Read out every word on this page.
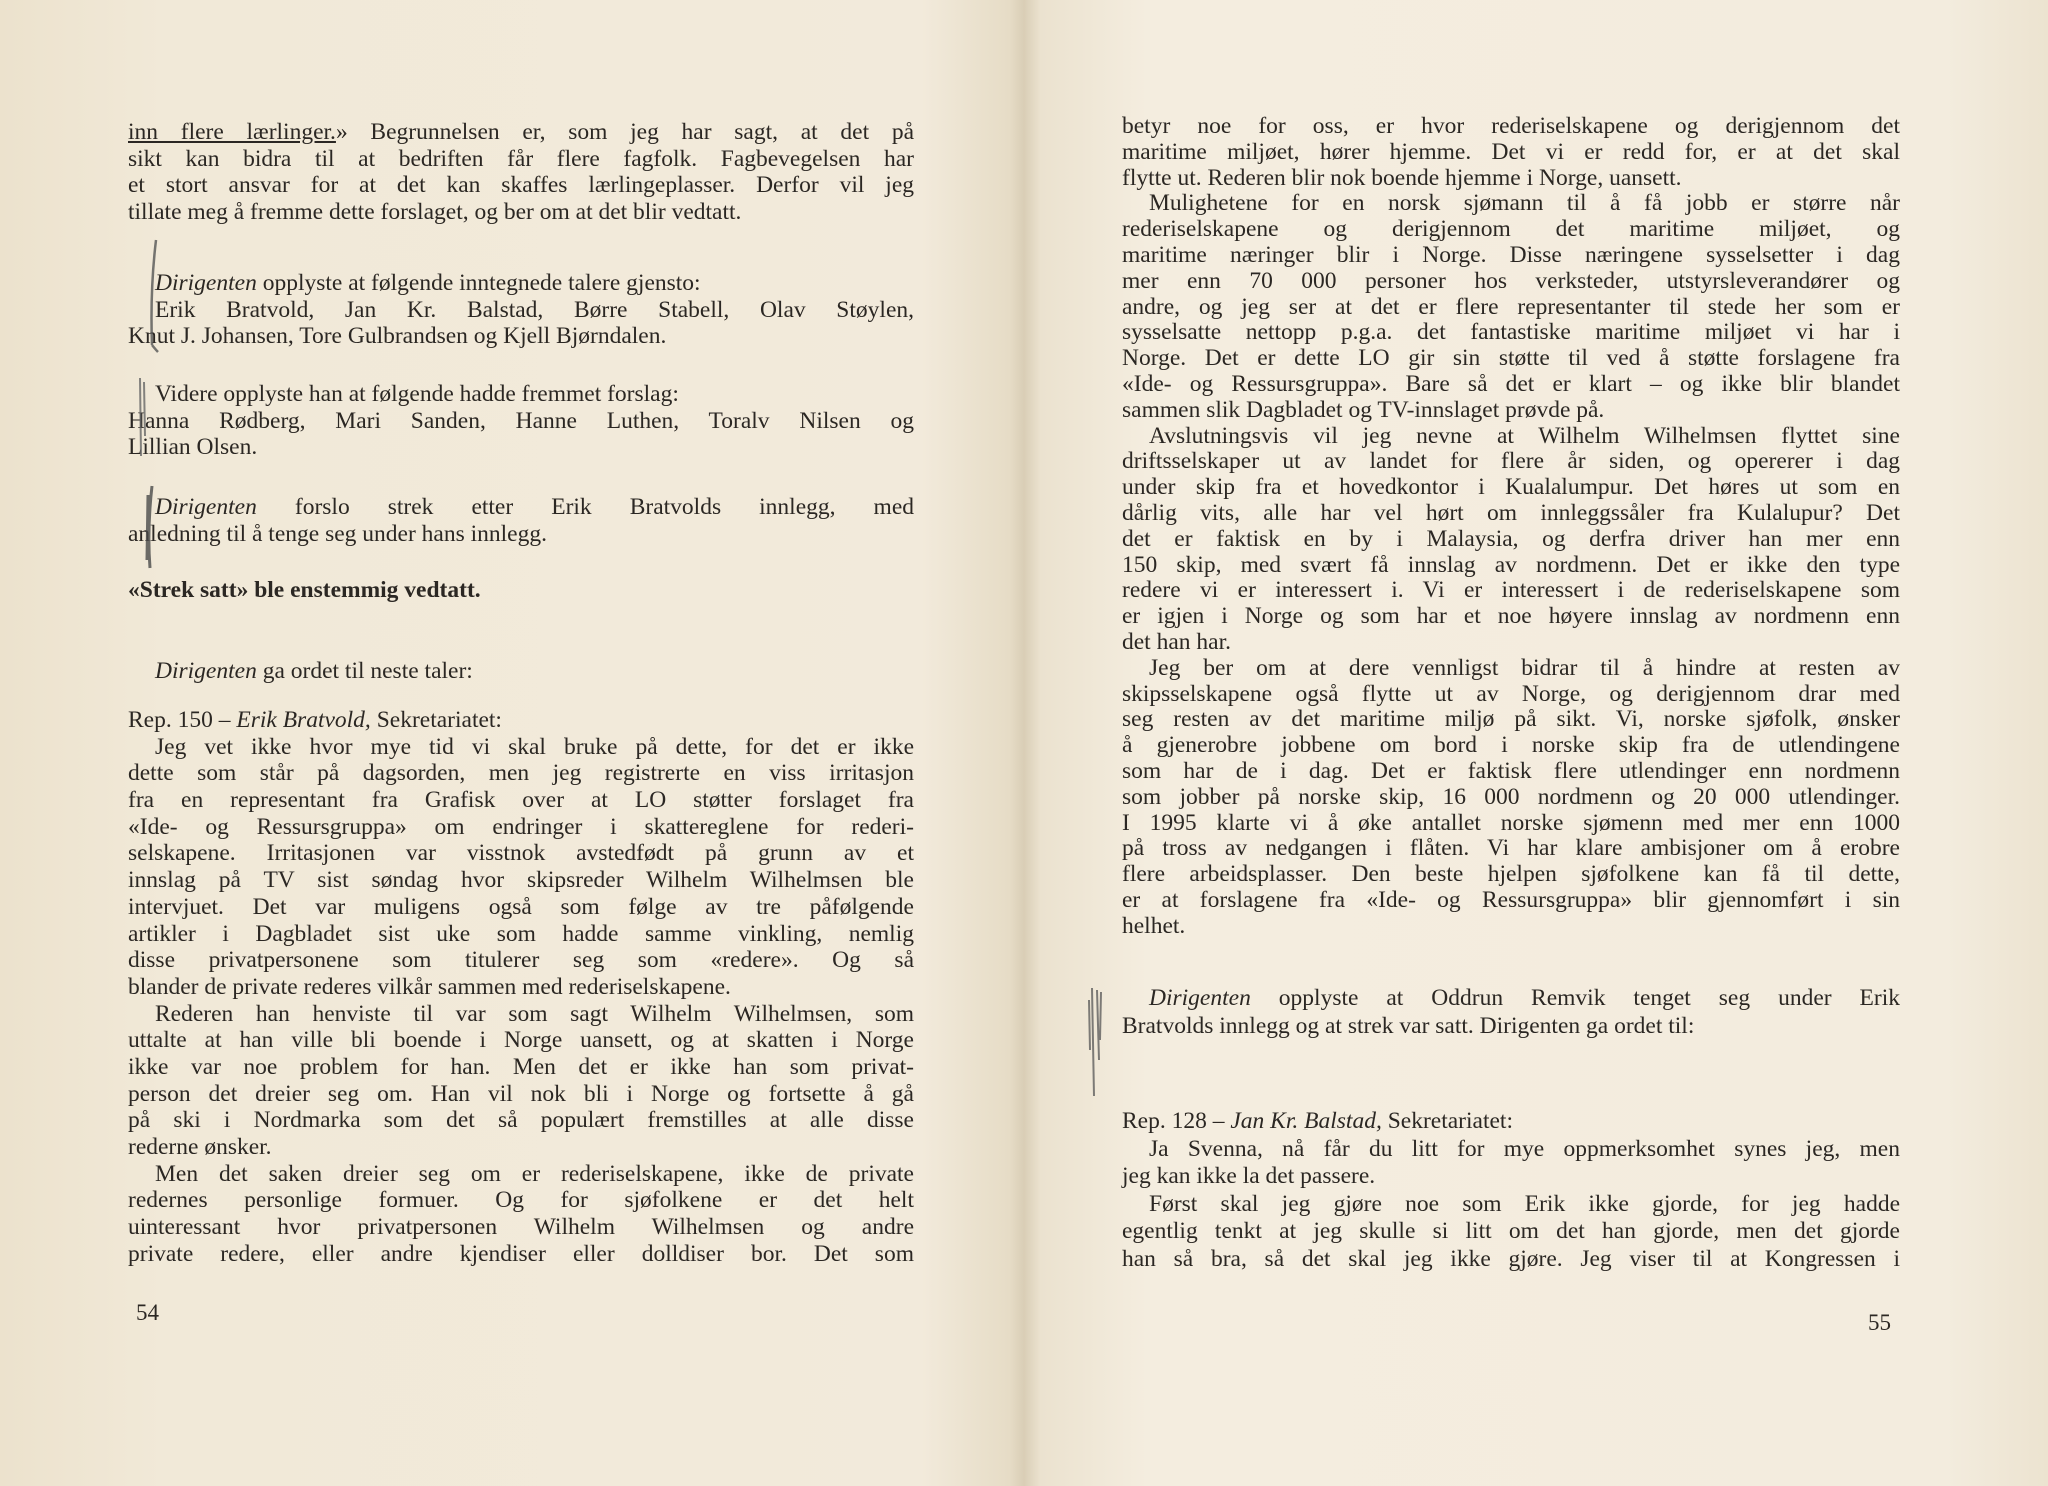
inn flere lærlinger.» Begrunnelsen er, som jeg har sagt, at det på
sikt kan bidra til at bedriften får flere fagfolk. Fagbevegelsen har
et stort ansvar for at det kan skaffes lærlingeplasser. Derfor vil jeg
tillate meg å fremme dette forslaget, og ber om at det blir vedtatt.
Dirigenten opplyste at følgende inntegnede talere gjensto:
Erik Bratvold, Jan Kr. Balstad, Børre Stabell, Olav Støylen,
Knut J. Johansen, Tore Gulbrandsen og Kjell Bjørndalen.
Videre opplyste han at følgende hadde fremmet forslag:
Hanna Rødberg, Mari Sanden, Hanne Luthen, Toralv Nilsen og
Lillian Olsen.
Dirigenten forslo strek etter Erik Bratvolds innlegg, med
anledning til å tenge seg under hans innlegg.
«Strek satt» ble enstemmig vedtatt.
Dirigenten ga ordet til neste taler:
Rep. 150 – Erik Bratvold, Sekretariatet:
Jeg vet ikke hvor mye tid vi skal bruke på dette, for det er ikke
dette som står på dagsorden, men jeg registrerte en viss irritasjon
fra en representant fra Grafisk over at LO støtter forslaget fra
«Ide- og Ressursgruppa» om endringer i skattereglene for rederi-
selskapene. Irritasjonen var visstnok avstedfødt på grunn av et
innslag på TV sist søndag hvor skipsreder Wilhelm Wilhelmsen ble
intervjuet. Det var muligens også som følge av tre påfølgende
artikler i Dagbladet sist uke som hadde samme vinkling, nemlig
disse privatpersonene som titulerer seg som «redere». Og så
blander de private rederes vilkår sammen med rederiselskapene.
Rederen han henviste til var som sagt Wilhelm Wilhelmsen, som
uttalte at han ville bli boende i Norge uansett, og at skatten i Norge
ikke var noe problem for han. Men det er ikke han som privat-
person det dreier seg om. Han vil nok bli i Norge og fortsette å gå
på ski i Nordmarka som det så populært fremstilles at alle disse
rederne ønsker.
Men det saken dreier seg om er rederiselskapene, ikke de private
redernes personlige formuer. Og for sjøfolkene er det helt
uinteressant hvor privatpersonen Wilhelm Wilhelmsen og andre
private redere, eller andre kjendiser eller dolldiser bor. Det som
54
betyr noe for oss, er hvor rederiselskapene og derigjennom det
maritime miljøet, hører hjemme. Det vi er redd for, er at det skal
flytte ut. Rederen blir nok boende hjemme i Norge, uansett.
Mulighetene for en norsk sjømann til å få jobb er større når
rederiselskapene og derigjennom det maritime miljøet, og
maritime næringer blir i Norge. Disse næringene sysselsetter i dag
mer enn 70 000 personer hos verksteder, utstyrsleverandører og
andre, og jeg ser at det er flere representanter til stede her som er
sysselsatte nettopp p.g.a. det fantastiske maritime miljøet vi har i
Norge. Det er dette LO gir sin støtte til ved å støtte forslagene fra
«Ide- og Ressursgruppa». Bare så det er klart – og ikke blir blandet
sammen slik Dagbladet og TV-innslaget prøvde på.
Avslutningsvis vil jeg nevne at Wilhelm Wilhelmsen flyttet sine
driftsselskaper ut av landet for flere år siden, og opererer i dag
under skip fra et hovedkontor i Kualalumpur. Det høres ut som en
dårlig vits, alle har vel hørt om innleggssåler fra Kulalupur? Det
det er faktisk en by i Malaysia, og derfra driver han mer enn
150 skip, med svært få innslag av nordmenn. Det er ikke den type
redere vi er interessert i. Vi er interessert i de rederiselskapene som
er igjen i Norge og som har et noe høyere innslag av nordmenn enn
det han har.
Jeg ber om at dere vennligst bidrar til å hindre at resten av
skipsselskapene også flytte ut av Norge, og derigjennom drar med
seg resten av det maritime miljø på sikt. Vi, norske sjøfolk, ønsker
å gjenerobre jobbene om bord i norske skip fra de utlendingene
som har de i dag. Det er faktisk flere utlendinger enn nordmenn
som jobber på norske skip, 16 000 nordmenn og 20 000 utlendinger.
I 1995 klarte vi å øke antallet norske sjømenn med mer enn 1000
på tross av nedgangen i flåten. Vi har klare ambisjoner om å erobre
flere arbeidsplasser. Den beste hjelpen sjøfolkene kan få til dette,
er at forslagene fra «Ide- og Ressursgruppa» blir gjennomført i sin
helhet.
Dirigenten opplyste at Oddrun Remvik tenget seg under Erik
Bratvolds innlegg og at strek var satt. Dirigenten ga ordet til:
Rep. 128 – Jan Kr. Balstad, Sekretariatet:
Ja Svenna, nå får du litt for mye oppmerksomhet synes jeg, men
jeg kan ikke la det passere.
Først skal jeg gjøre noe som Erik ikke gjorde, for jeg hadde
egentlig tenkt at jeg skulle si litt om det han gjorde, men det gjorde
han så bra, så det skal jeg ikke gjøre. Jeg viser til at Kongressen i
55
